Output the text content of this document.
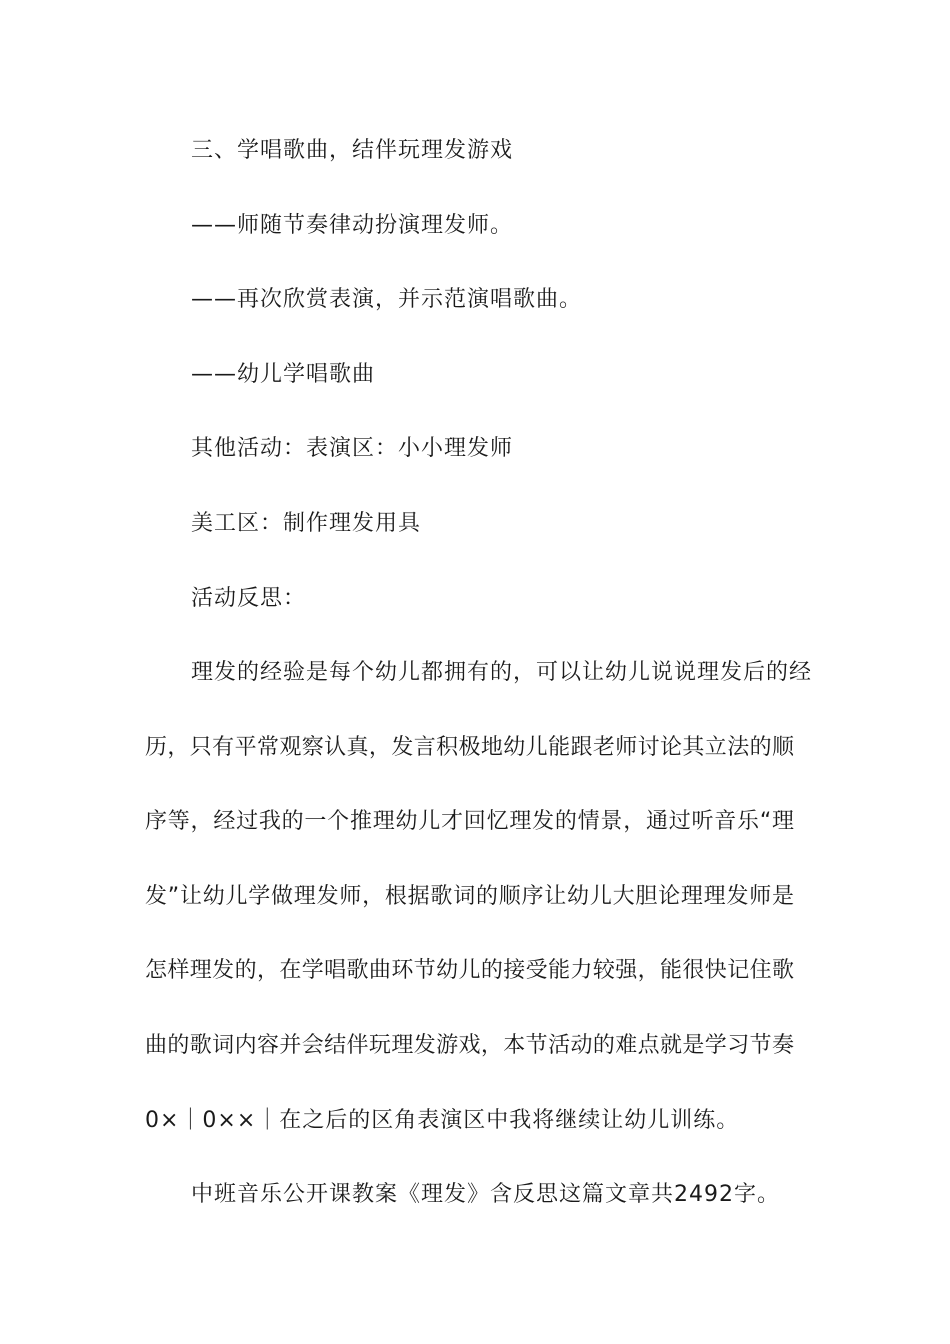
三、学唱歌曲，结伴玩理发游戏
——师随节奏律动扮演理发师。
——再次欣赏表演，并示范演唱歌曲。
——幼儿学唱歌曲
其他活动：表演区：小小理发师
美工区：制作理发用具
活动反思：
理发的经验是每个幼儿都拥有的，可以让幼儿说说理发后的经
历，只有平常观察认真，发言积极地幼儿能跟老师讨论其立法的顺
序等，经过我的一个推理幼儿才回忆理发的情景，通过听音乐“理
发”让幼儿学做理发师，根据歌词的顺序让幼儿大胆论理理发师是
怎样理发的，在学唱歌曲环节幼儿的接受能力较强，能很快记住歌
曲的歌词内容并会结伴玩理发游戏，本节活动的难点就是学习节奏
0×｜0××｜在之后的区角表演区中我将继续让幼儿训练。
中班音乐公开课教案《理发》含反思这篇文章共2492字。
